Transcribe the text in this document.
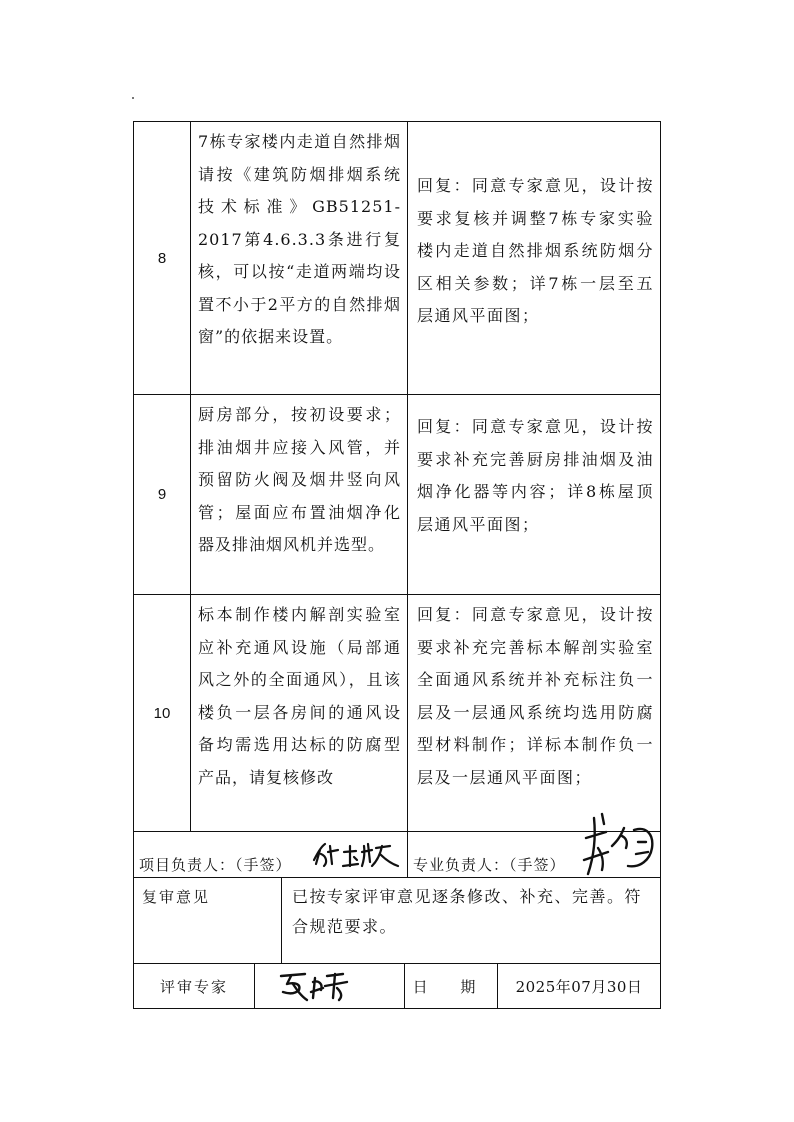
8
7栋专家楼内走道自然排烟请按《建筑防烟排烟系统技术标准》GB51251-2017第4.6.3.3条进行复核，可以按“走道两端均设置不小于2平方的自然排烟窗”的依据来设置。
回复：同意专家意见，设计按要求复核并调整7栋专家实验楼内走道自然排烟系统防烟分区相关参数；详7栋一层至五层通风平面图；
9
厨房部分，按初设要求；排油烟井应接入风管，并预留防火阀及烟井竖向风管；屋面应布置油烟净化器及排油烟风机并选型。
回复：同意专家意见，设计按要求补充完善厨房排油烟及油烟净化器等内容；详8栋屋顶层通风平面图；
10
标本制作楼内解剖实验室应补充通风设施（局部通风之外的全面通风），且该楼负一层各房间的通风设备均需选用达标的防腐型产品，请复核修改
回复：同意专家意见，设计按要求补充完善标本解剖实验室全面通风系统并补充标注负一层及一层通风系统均选用防腐型材料制作；详标本制作负一层及一层通风平面图；
项目负责人：（手签）	专业负责人：（手签）
复审意见	已按专家评审意见逐条修改、补充、完善。符合规范要求。
评审专家	日 期	2025年07月30日
